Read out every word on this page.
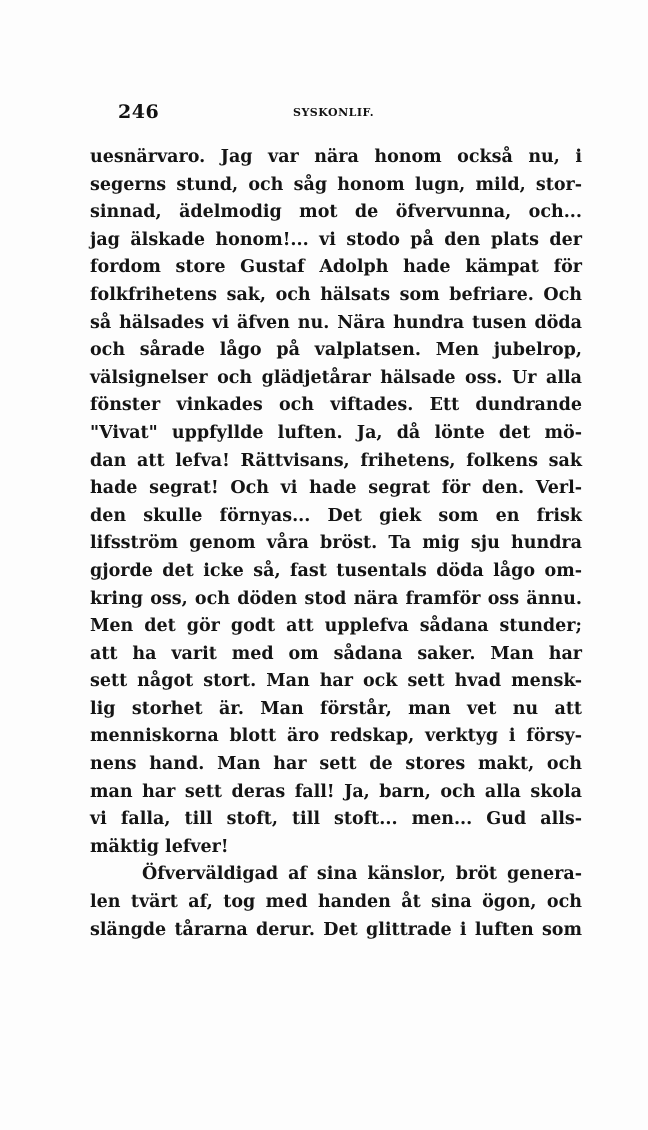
246	SYSKONLIF.
uesnärvaro. Jag var nära honom också nu, i
segerns stund, och såg honom lugn, mild, stor-
sinnad, ädelmodig mot de öfvervunna, och...
jag älskade honom!... vi stodo på den plats der
fordom store Gustaf Adolph hade kämpat för
folkfrihetens sak, och hälsats som befriare. Och
så hälsades vi äfven nu. Nära hundra tusen döda
och sårade lågo på valplatsen. Men jubelrop,
välsignelser och glädjetårar hälsade oss. Ur alla
fönster vinkades och viftades. Ett dundrande
"Vivat" uppfyllde luften. Ja, då lönte det mö-
dan att lefva! Rättvisans, frihetens, folkens sak
hade segrat! Och vi hade segrat för den. Verl-
den skulle förnyas... Det giek som en frisk
lifsström genom våra bröst. Ta mig sju hundra
gjorde det icke så, fast tusentals döda lågo om-
kring oss, och döden stod nära framför oss ännu.
Men det gör godt att upplefva sådana stunder;
att ha varit med om sådana saker. Man har
sett något stort. Man har ock sett hvad mensk-
lig storhet är. Man förstår, man vet nu att
menniskorna blott äro redskap, verktyg i försy-
nens hand. Man har sett de stores makt, och
man har sett deras fall! Ja, barn, och alla skola
vi falla, till stoft, till stoft... men... Gud alls-
mäktig lefver!
Öfverväldigad af sina känslor, bröt genera-
len tvärt af, tog med handen åt sina ögon, och
slängde tårarna derur. Det glittrade i luften som
